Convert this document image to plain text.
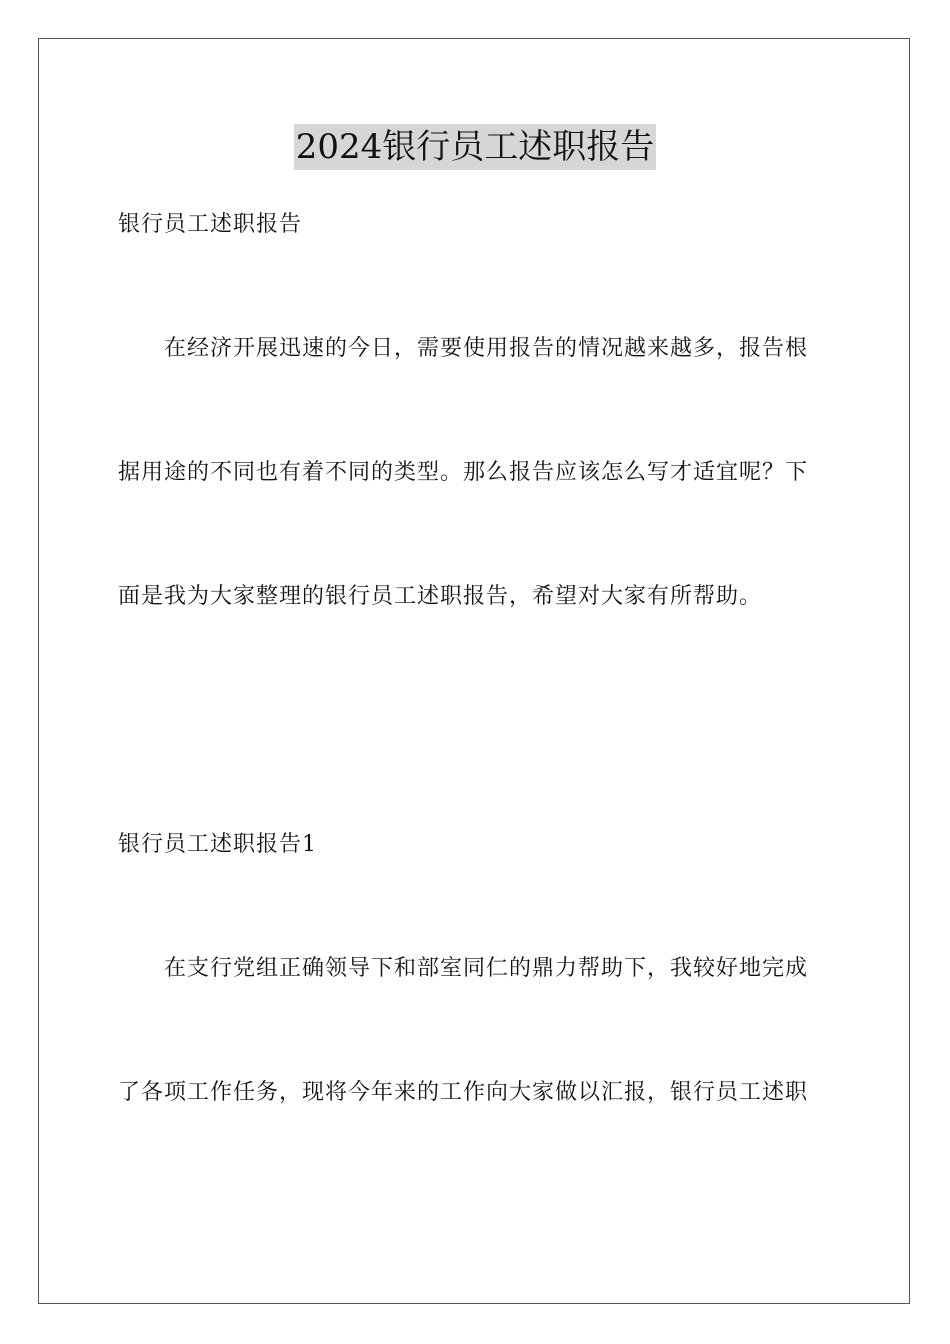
2024银行员工述职报告
银行员工述职报告
在经济开展迅速的今日，需要使用报告的情况越来越多，报告根
据用途的不同也有着不同的类型。那么报告应该怎么写才适宜呢？下
面是我为大家整理的银行员工述职报告，希望对大家有所帮助。
银行员工述职报告1
在支行党组正确领导下和部室同仁的鼎力帮助下，我较好地完成
了各项工作任务，现将今年来的工作向大家做以汇报，银行员工述职
